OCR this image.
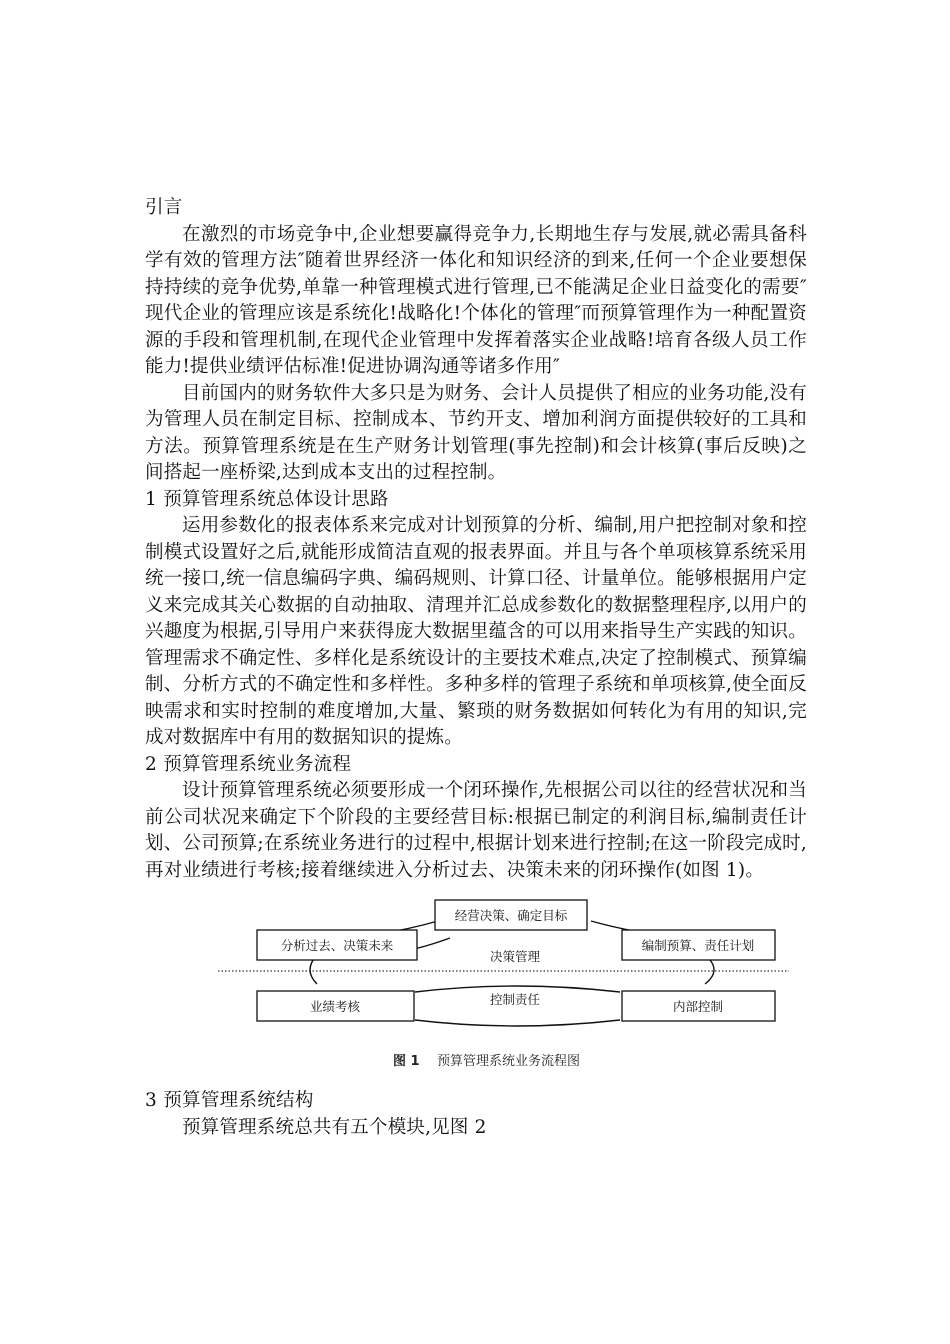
引言

在激烈的市场竞争中,企业想要赢得竞争力,长期地生存与发展,就必需具备科学有效的管理方法″随着世界经济一体化和知识经济的到来,任何一个企业要想保持持续的竞争优势,单靠一种管理模式进行管理,已不能满足企业日益变化的需要″现代企业的管理应该是系统化!战略化!个体化的管理″而预算管理作为一种配置资源的手段和管理机制,在现代企业管理中发挥着落实企业战略!培育各级人员工作能力!提供业绩评估标准!促进协调沟通等诸多作用″

目前国内的财务软件大多只是为财务、会计人员提供了相应的业务功能,没有为管理人员在制定目标、控制成本、节约开支、增加利润方面提供较好的工具和方法。预算管理系统是在生产财务计划管理(事先控制)和会计核算(事后反映)之间搭起一座桥梁,达到成本支出的过程控制。

1 预算管理系统总体设计思路

运用参数化的报表体系来完成对计划预算的分析、编制,用户把控制对象和控制模式设置好之后,就能形成简洁直观的报表界面。并且与各个单项核算系统采用统一接口,统一信息编码字典、编码规则、计算口径、计量单位。能够根据用户定义来完成其关心数据的自动抽取、清理并汇总成参数化的数据整理程序,以用户的兴趣度为根据,引导用户来获得庞大数据里蕴含的可以用来指导生产实践的知识。管理需求不确定性、多样化是系统设计的主要技术难点,决定了控制模式、预算编制、分析方式的不确定性和多样性。多种多样的管理子系统和单项核算,使全面反映需求和实时控制的难度增加,大量、繁琐的财务数据如何转化为有用的知识,完成对数据库中有用的数据知识的提炼。

2 预算管理系统业务流程

设计预算管理系统必须要形成一个闭环操作,先根据公司以往的经营状况和当前公司状况来确定下个阶段的主要经营目标:根据已制定的利润目标,编制责任计划、公司预算;在系统业务进行的过程中,根据计划来进行控制;在这一阶段完成时,再对业绩进行考核;接着继续进入分析过去、决策未来的闭环操作(如图 1)。

经营决策、确定目标
分析过去、决策未来	编制预算、责任计划
业绩考核	内部控制
决策管理
控制责任
图 1 预算管理系统业务流程图

3 预算管理系统结构

预算管理系统总共有五个模块,见图 2
